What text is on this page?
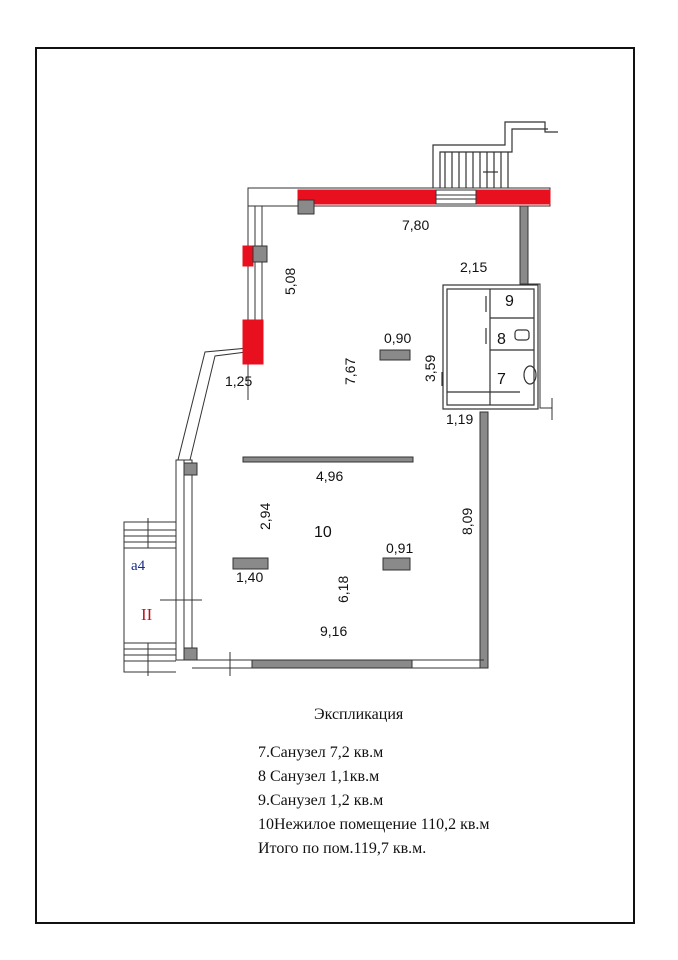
7,80
5,08
2,15
0,90
7,67	3,59
1,25
1,19
4,96
8,09
2,94
0,91
1,40	6,18
9,16
9
8
7
10
a4
II
Экспликация
7.Санузел 7,2 кв.м
8 Санузел 1,1кв.м
9.Санузел 1,2 кв.м
10Нежилое помещение 110,2 кв.м
Итого по пом.119,7 кв.м.
